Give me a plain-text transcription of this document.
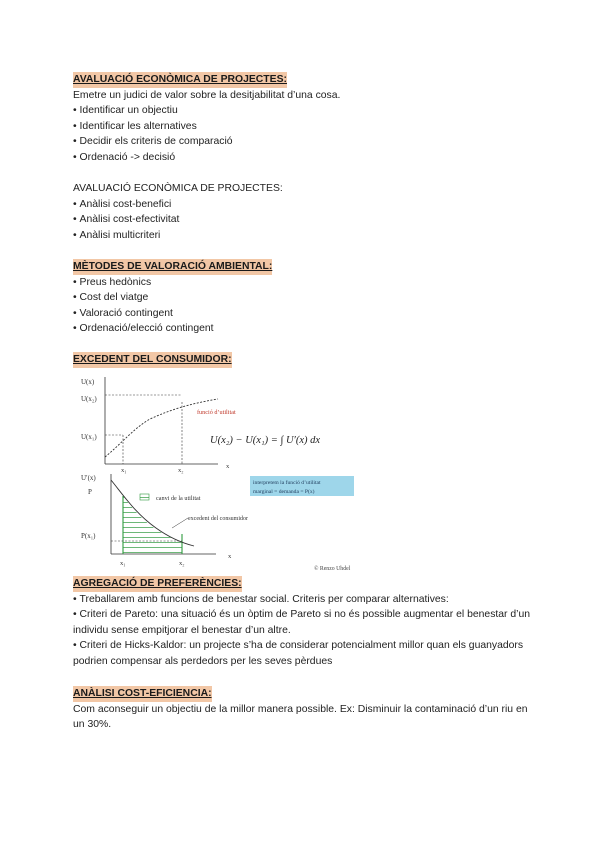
AVALUACIÓ ECONÒMICA DE PROJECTES:
Emetre un judici de valor sobre la desitjabilitat d’una cosa.
• Identificar un objectiu
• Identificar les alternatives
• Decidir els criteris de comparació
• Ordenació -> decisió
AVALUACIÓ ECONÒMICA DE PROJECTES:
• Anàlisi cost-benefici
• Anàlisi cost-efectivitat
• Anàlisi multicriteri
MÈTODES DE VALORACIÓ AMBIENTAL:
• Preus hedònics
• Cost del viatge
• Valoració contingent
• Ordenació/elecció contingent
EXCEDENT DEL CONSUMIDOR:
U(x)
U(x₂)
U(x₁)
x₁	x₂
x
funció d’utilitat
U(x₂) − U(x₁) = ∫ U′(x) dx
U′(x)
P
P(x₁)
canvi de la utilitat
excedent del consumidor
x₁	x₂
x
interpretem la funció d’utilitat
marginal = demanda = P(x)
© Renzo Uhdel
AGREGACIÓ DE PREFERÈNCIES:
• Treballarem amb funcions de benestar social. Criteris per comparar alternatives:
• Criteri de Pareto: una situació és un òptim de Pareto si no és possible augmentar el benestar d’un individu sense empitjorar el benestar d’un altre.
• Criteri de Hicks-Kaldor: un projecte s’ha de considerar potencialment millor quan els guanyadors podrien compensar als perdedors per les seves pèrdues
ANÀLISI COST-EFICIENCIA:
Com aconseguir un objectiu de la millor manera possible. Ex: Disminuir la contaminació d’un riu en un 30%.
